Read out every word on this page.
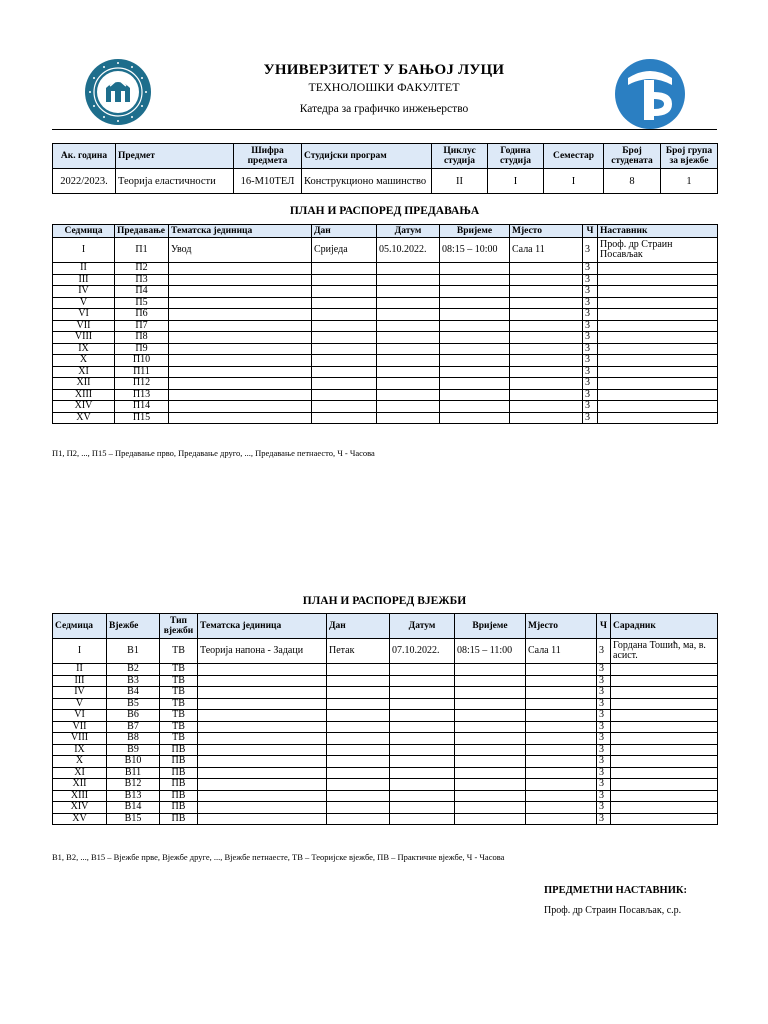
УНИВЕРЗИТЕТ У БАЊОЈ ЛУЦИ
ТЕХНОЛОШКИ ФАКУЛТЕТ
Катедра за графичко инжењерство
Ак. година	Предмет	Шифра предмета	Студијски програм	Циклус студија	Година студија	Семестар	Број студената	Број група за вјежбе
2022/2023.	Теорија еластичности	16-М10ТЕЛ	Конструкционо машинство	II	I	I	8	1
ПЛАН И РАСПОРЕД ПРЕДАВАЊА
Седмица	Предавање	Тематска јединица	Дан	Датум	Вријеме	Мјесто	Ч	Наставник
I	П1	Увод	Сриједа	05.10.2022.	08:15 – 10:00	Сала 11	3	Проф. др Страин Посављак
II	П2						3	
III	П3						3	
IV	П4						3	
V	П5						3	
VI	П6						3	
VII	П7						3	
VIII	П8						3	
IX	П9						3	
X	П10						3	
XI	П11						3	
XII	П12						3	
XIII	П13						3	
XIV	П14						3	
XV	П15						3	
П1, П2, ..., П15 – Предавање прво, Предавање друго, ..., Предавање петнаесто, Ч - Часова
ПЛАН И РАСПОРЕД ВЈЕЖБИ
Седмица	Вјежбе	Тип вјежби	Тематска јединица	Дан	Датум	Вријеме	Мјесто	Ч	Сарадник
I	В1	ТВ	Теорија напона - Задаци	Петак	07.10.2022.	08:15 – 11:00	Сала 11	3	Гордана Тошић, ма, в. асист.
II	В2	ТВ						3	
III	В3	ТВ						3	
IV	В4	ТВ						3	
V	В5	ТВ						3	
VI	В6	ТВ						3	
VII	В7	ТВ						3	
VIII	В8	ТВ						3	
IX	В9	ПВ						3	
X	В10	ПВ						3	
XI	В11	ПВ						3	
XII	В12	ПВ						3	
XIII	В13	ПВ						3	
XIV	В14	ПВ						3	
XV	В15	ПВ						3	
В1, В2, ..., В15 – Вјежбе прве, Вјежбе друге, ..., Вјежбе петнаесте, ТВ – Теоријске вјежбе, ПВ – Практичне вјежбе, Ч - Часова
ПРЕДМЕТНИ НАСТАВНИК:
Проф. др Страин Посављак, с.р.
